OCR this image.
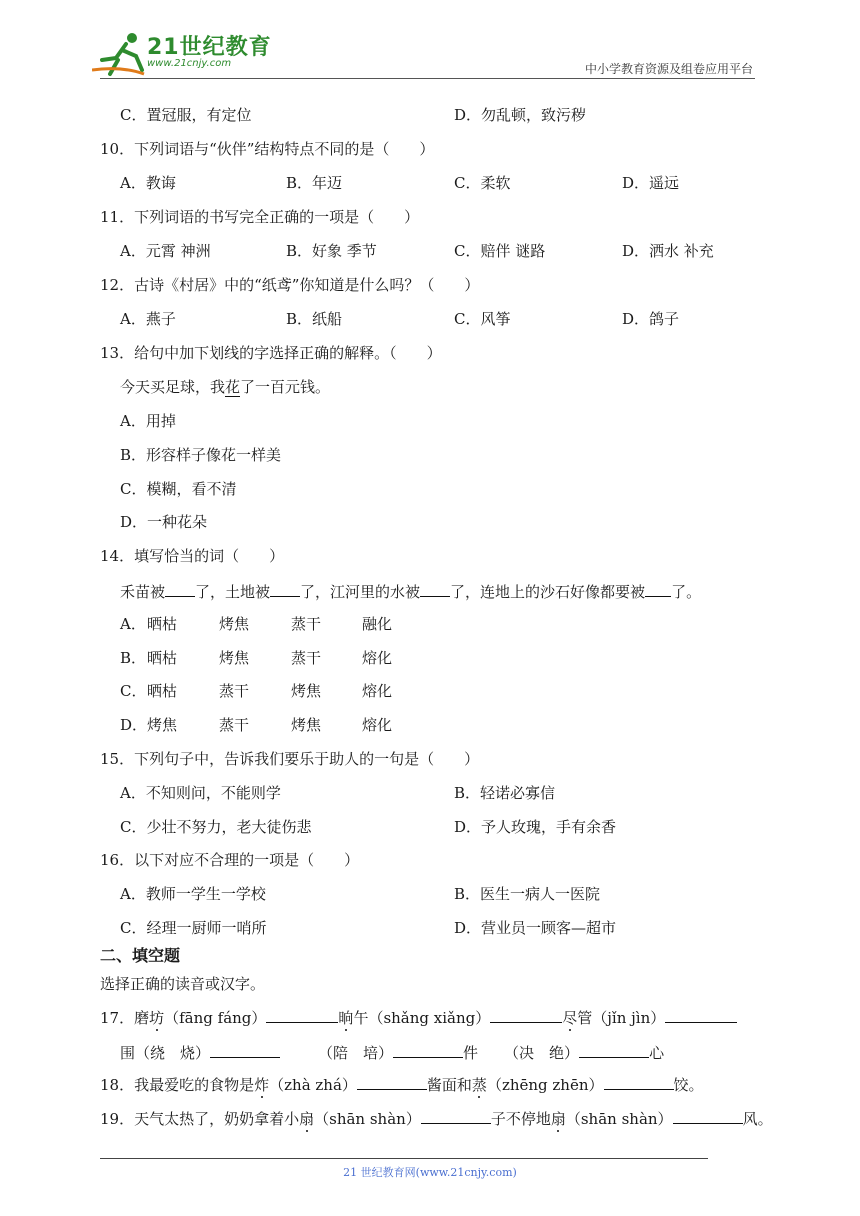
21世纪教育
www.21cnjy.com	中小学教育资源及组卷应用平台
C．置冠服，有定位	D．勿乱顿，致污秽
10．下列词语与“伙伴”结构特点不同的是（　　）
A．教诲	B．年迈	C．柔软	D．遥远
11．下列词语的书写完全正确的一项是（　　）
A．元霄 神洲	B．好象 季节	C．赔伴 谜路	D．洒水 补充
12．古诗《村居》中的“纸鸢”你知道是什么吗？（　　）
A．燕子	B．纸船	C．风筝	D．鸽子
13．给句中加下划线的字选择正确的解释。（　　）
今天买足球，我花了一百元钱。
A．用掉
B．形容样子像花一样美
C．模糊，看不清
D．一种花朵
14．填写恰当的词（　　）
禾苗被 了，土地被 了，江河里的水被 了，连地上的沙石好像都要被 了。
A． 晒枯	烤焦	蒸干	融化
B． 晒枯	烤焦	蒸干	熔化
C． 晒枯	蒸干	烤焦	熔化
D． 烤焦	蒸干	烤焦	熔化
15．下列句子中，告诉我们要乐于助人的一句是（　　）
A．不知则问，不能则学	B．轻诺必寡信
C．少壮不努力，老大徒伤悲	D．予人玫瑰，手有余香
16．以下对应不合理的一项是（　　）
A．教师一学生一学校	B．医生一病人一医院
C．经理一厨师一哨所	D．营业员一顾客—超市
二、填空题
选择正确的读音或汉字。
17．磨坊（fāng fáng）	晌午（shǎng xiǎng）	尽管（jǐn jìn）
围（绕　烧）	（陪　培）	件 （决　绝）	心
18．我最爱吃的食物是炸（zhà zhá）	酱面和蒸（zhēng zhēn）	饺。
19．天气太热了，奶奶拿着小扇（shān shàn）	子不停地扇（shān shàn）	风。
21 世纪教育网(www.21cnjy.com)
